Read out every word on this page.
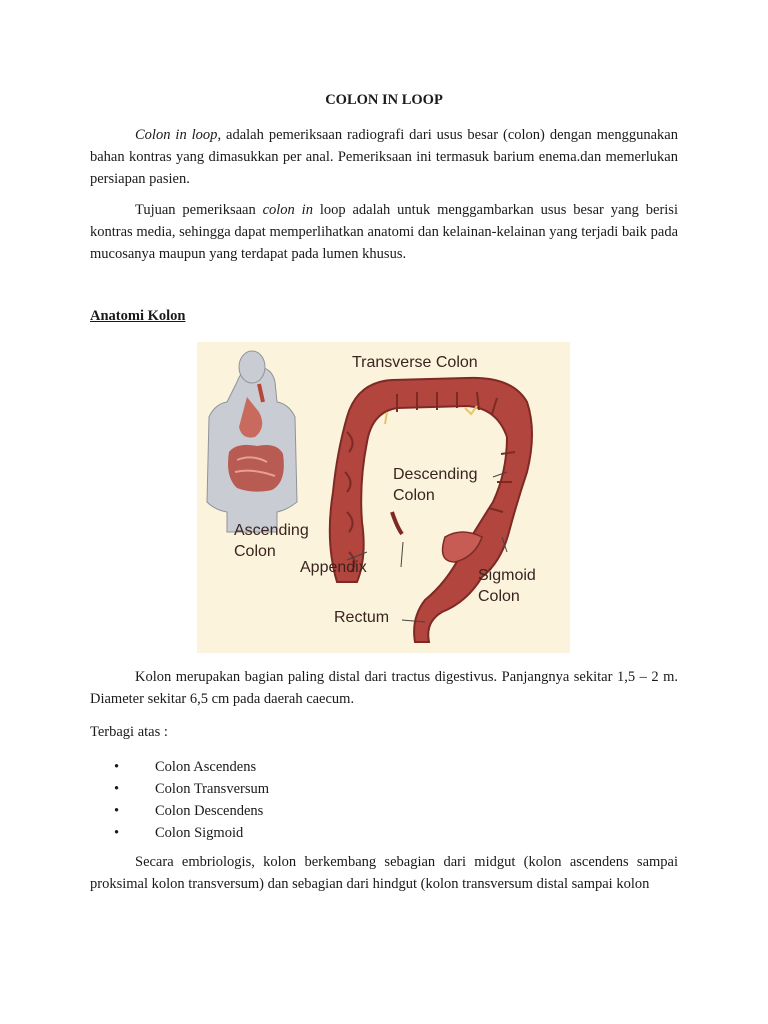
COLON IN LOOP

Colon in loop, adalah pemeriksaan radiografi dari usus besar (colon) dengan menggunakan bahan kontras yang dimasukkan per anal. Pemeriksaan ini termasuk barium enema.dan memerlukan persiapan pasien.

Tujuan pemeriksaan colon in loop adalah untuk menggambarkan usus besar yang berisi kontras media, sehingga dapat memperlihatkan anatomi dan kelainan-kelainan yang terjadi baik pada mucosanya maupun yang terdapat pada lumen khusus.

Anatomi Kolon
Transverse Colon
Descending
Colon
Ascending
Colon
Appendix	Sigmoid
Colon
Rectum

Kolon merupakan bagian paling distal dari tractus digestivus. Panjangnya sekitar 1,5 – 2 m. Diameter sekitar 6,5 cm pada daerah caecum.

Terbagi atas :

• Colon Ascendens
• Colon Transversum
• Colon Descendens
• Colon Sigmoid

Secara embriologis, kolon berkembang sebagian dari midgut (kolon ascendens sampai proksimal kolon transversum) dan sebagian dari hindgut (kolon transversum distal sampai kolon
